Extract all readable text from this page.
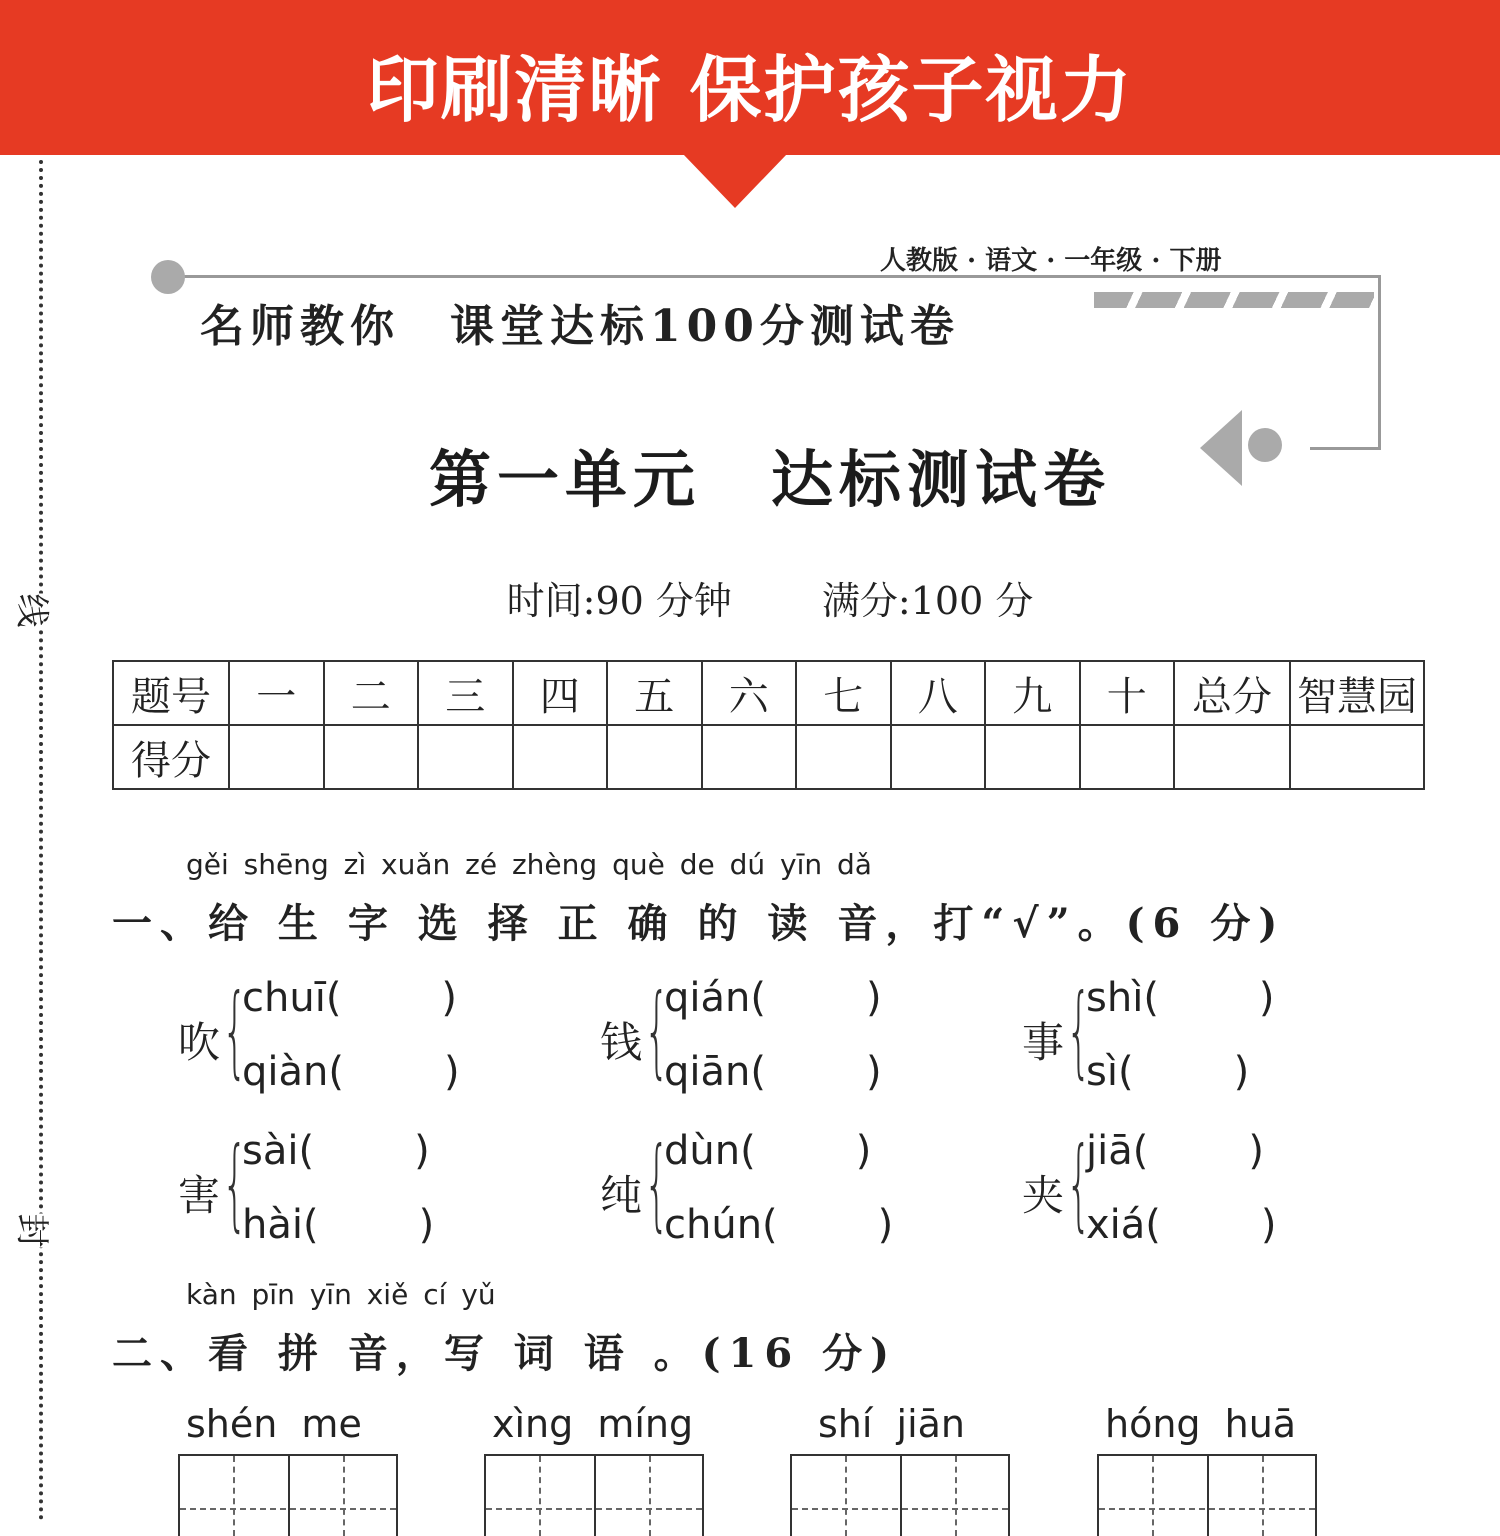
印刷清晰 保护孩子视力
线
封
人教版 · 语文 · 一年级 · 下册
名师教你 课堂达标100分测试卷
第一单元 达标测试卷
时间:90 分钟 满分:100 分
题号	一	二	三	四	五	六	七	八	九	十	总分	智慧园
得分												
gěi shēng zì xuǎn zé zhèng què de dú yīn dǎ
一、给 生 字 选 择 正 确 的 读 音，打“√”。(6 分)
吹 {
chuī(	)
qiàn(	)
钱 {
qián(	)
qiān(	)
事 {
shì(	)
sì(	)
害 {
sài(	)
hài(	)
纯 {
dùn(	)
chún(	)
夹 {
jiā(	)
xiá(	)
kàn pīn yīn xiě cí yǔ
二、看 拼 音，写 词 语 。(16 分)
shén me	xìng míng	shí jiān	hóng huā
